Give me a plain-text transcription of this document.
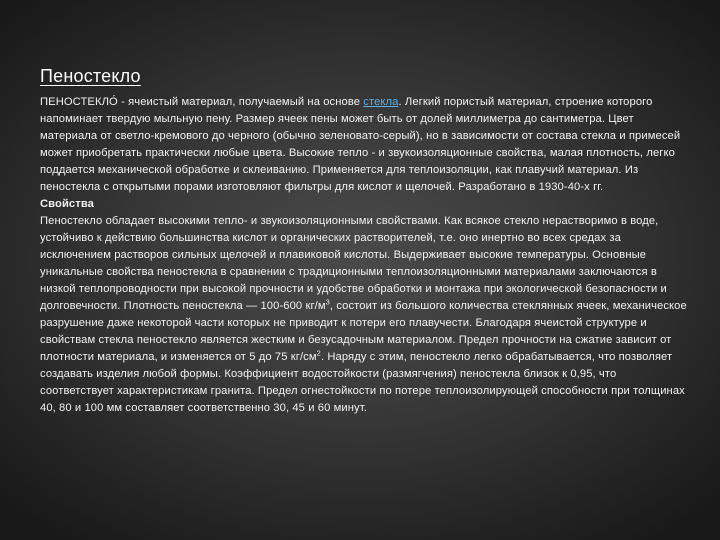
Пеностекло

ПЕНОСТЕКЛО́ - ячеистый материал, получаемый на основе стекла. Легкий пористый материал, строение которого напоминает твердую мыльную пену. Размер ячеек пены может быть от долей миллиметра до сантиметра. Цвет материала от светло-кремового до черного (обычно зеленовато-серый), но в зависимости от состава стекла и примесей может приобретать практически любые цвета. Высокие тепло - и звукоизоляционные свойства, малая плотность, легко поддается механической обработке и склеиванию. Применяется для теплоизоляции, как плавучий материал. Из пеностекла с открытыми порами изготовляют фильтры для кислот и щелочей. Разработано в 1930-40-х гг.

Свойства

Пеностекло обладает высокими тепло- и звукоизоляционными свойствами. Как всякое стекло нерастворимо в воде, устойчиво к действию большинства кислот и органических растворителей, т.е. оно инертно во всех средах за исключением растворов сильных щелочей и плавиковой кислоты. Выдерживает высокие температуры. Основные уникальные свойства пеностекла в сравнении с традиционными теплоизоляционными материалами заключаются в низкой теплопроводности при высокой прочности и удобстве обработки и монтажа при экологической безопасности и долговечности. Плотность пеностекла — 100-600 $кг/м^3$, состоит из большого количества стеклянных ячеек, механическое разрушение даже некоторой части которых не приводит к потери его плавучести. Благодаря ячеистой структуре и свойствам стекла пеностекло является жестким и безусадочным материалом. Предел прочности на сжатие зависит от плотности материала, и изменяется от 5 до 75 $кг/см^2$. Наряду с этим, пеностекло легко обрабатывается, что позволяет создавать изделия любой формы. Коэффициент водостойкости (размягчения) пеностекла близок к 0,95, что соответствует характеристикам гранита. Предел огнестойкости по потере теплоизолирующей способности при толщинах 40, 80 и 100 мм составляет соответственно 30, 45 и 60 минут.
